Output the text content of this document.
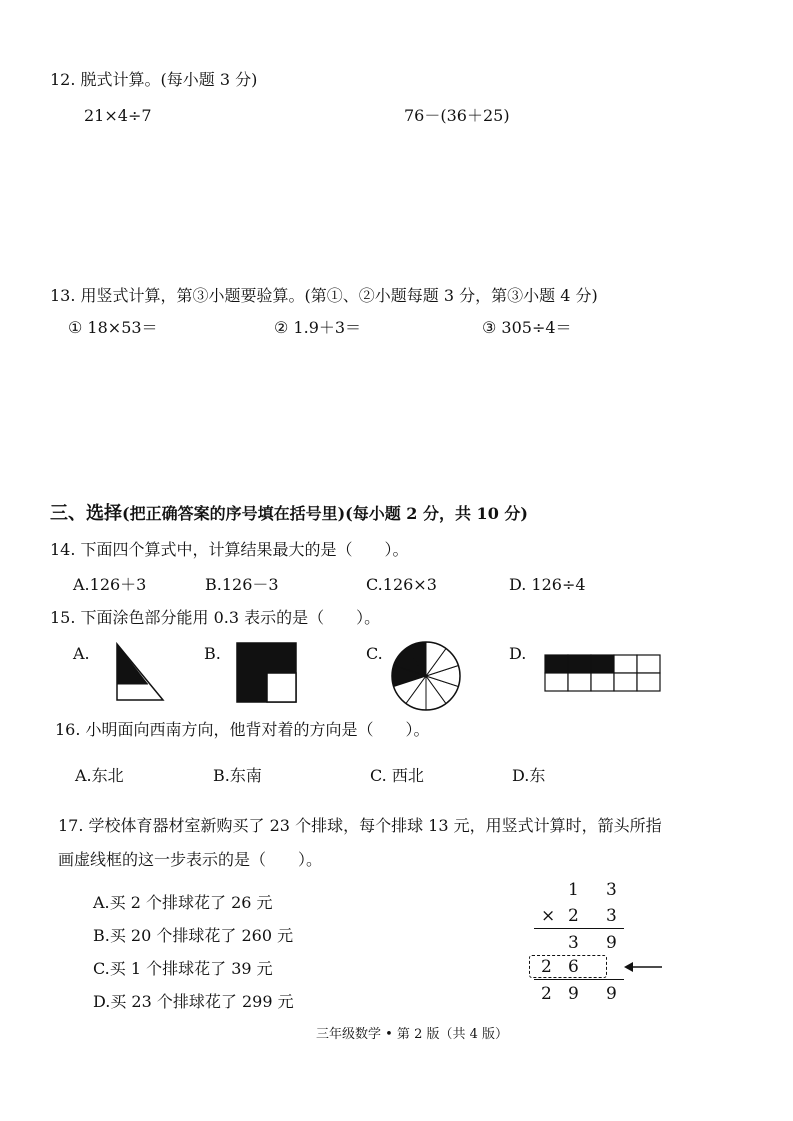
12. 脱式计算。(每小题 3 分)
21×4÷7	76－(36＋25)
13. 用竖式计算，第③小题要验算。(第①、②小题每题 3 分，第③小题 4 分)
① 18×53＝	② 1.9＋3＝	③ 305÷4＝
三、选择(把正确答案的序号填在括号里)(每小题 2 分，共 10 分)
14. 下面四个算式中，计算结果最大的是（　　）。
A.126＋3	B.126－3	C.126×3	D. 126÷4
15. 下面涂色部分能用 0.3 表示的是（　　）。
A.	B.	C.	D.
16. 小明面向西南方向，他背对着的方向是（　　）。
A.东北	B.东南	C. 西北	D.东
17. 学校体育器材室新购买了 23 个排球，每个排球 13 元，用竖式计算时，箭头所指
画虚线框的这一步表示的是（　　）。
A.买 2 个排球花了 26 元
B.买 20 个排球花了 260 元
C.买 1 个排球花了 39 元
D.买 23 个排球花了 299 元
1 3
× 2 3
3 9
2 6
2 9 9
三年级数学 • 第 2 版（共 4 版）
